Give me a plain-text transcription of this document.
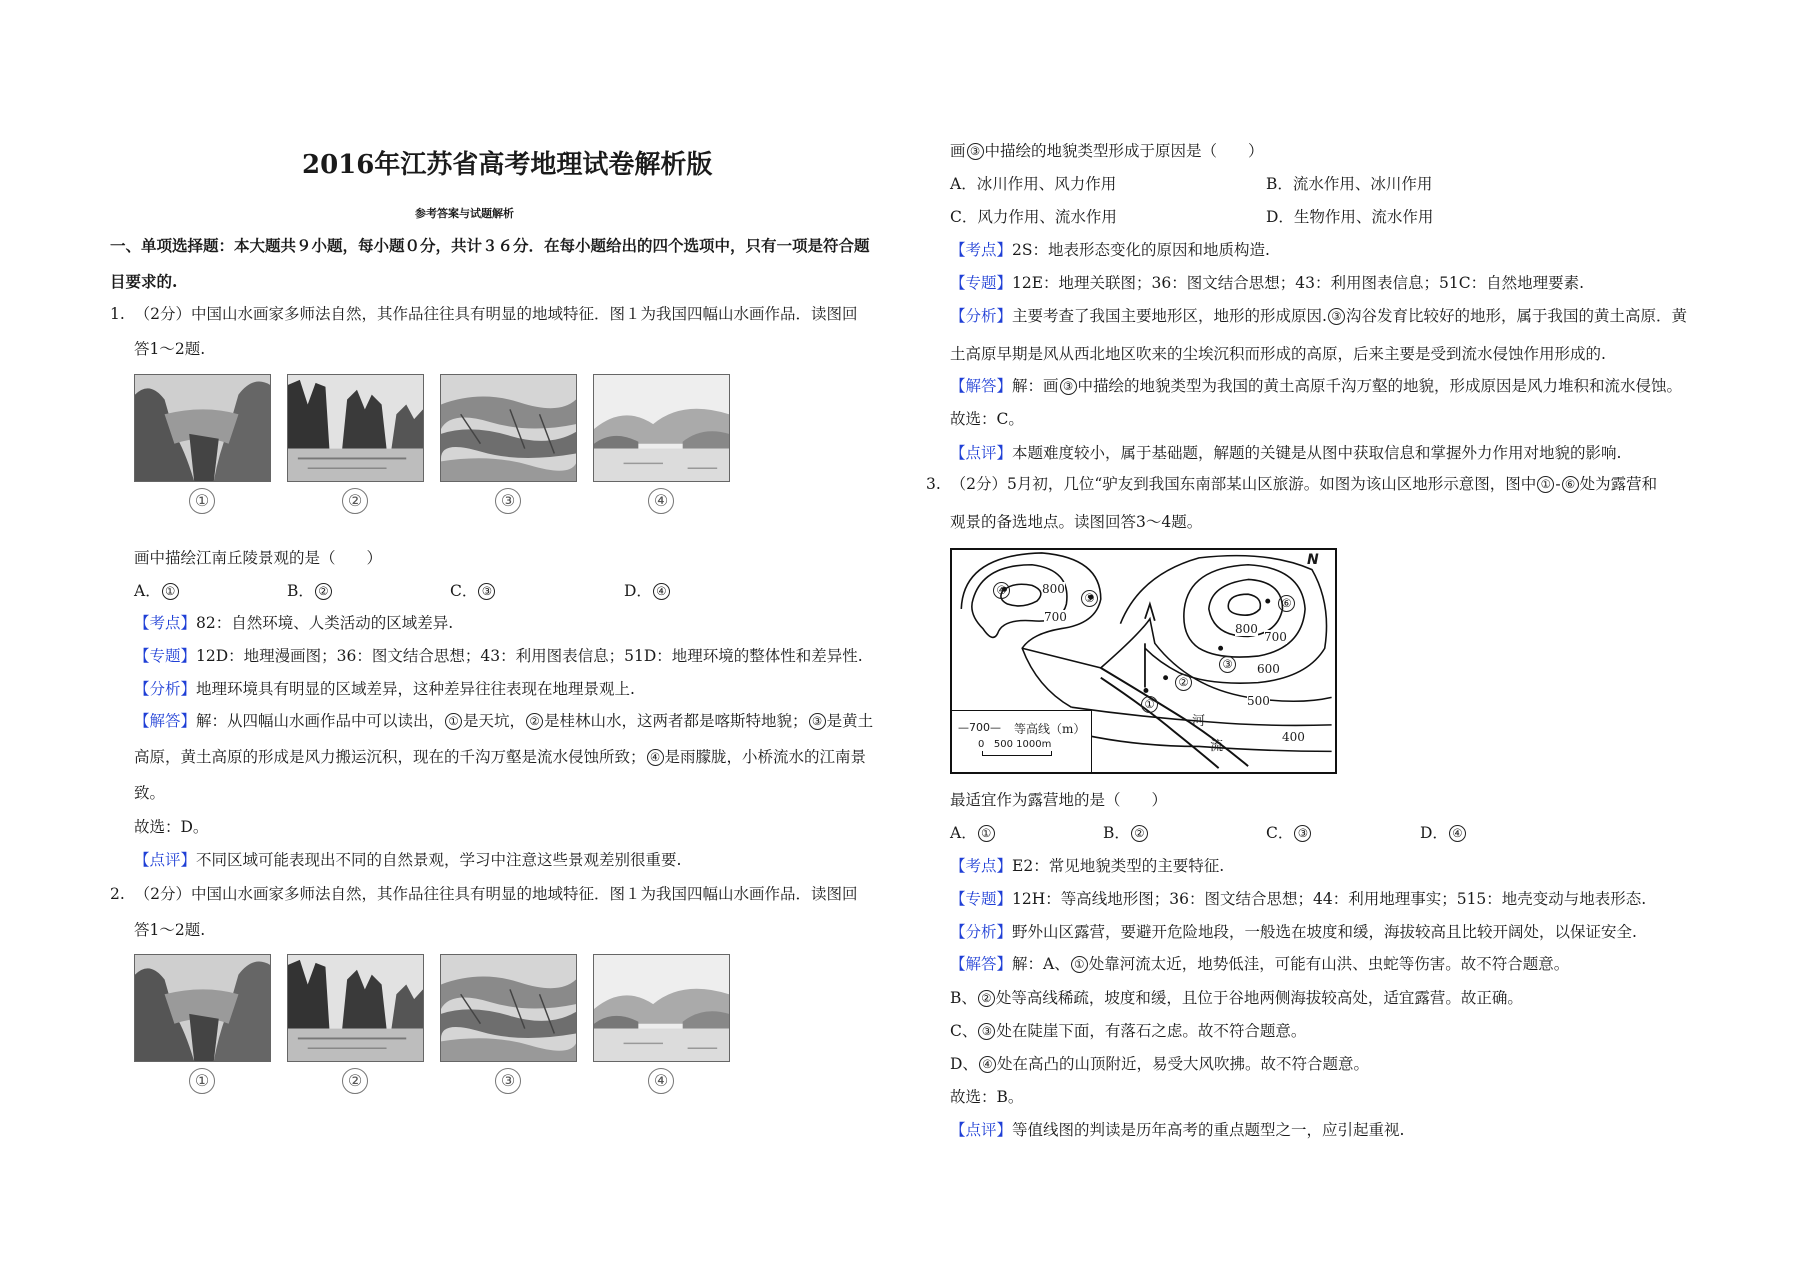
2016年江苏省高考地理试卷解析版
参考答案与试题解析
一、单项选择题：本大题共９小题，每小题０分，共计３６分．在每小题给出的四个选项中，只有一项是符合题
目要求的.
1. （2分）中国山水画家多师法自然，其作品往往具有明显的地域特征．图１为我国四幅山水画作品．读图回
答1～2题.
①	②	③	④
画中描绘江南丘陵景观的是（　　）
A． ①	B． ②	C． ③	D． ④
【考点】82：自然环境、人类活动的区域差异.
【专题】12D：地理漫画图；36：图文结合思想；43：利用图表信息；51D：地理环境的整体性和差异性.
【分析】地理环境具有明显的区域差异，这种差异往往表现在地理景观上.
【解答】解：从四幅山水画作品中可以读出， ① 是天坑， ② 是桂林山水，这两者都是喀斯特地貌； ③ 是黄土
高原，黄土高原的形成是风力搬运沉积，现在的千沟万壑是流水侵蚀所致； ④ 是雨朦胧，小桥流水的江南景
致。
故选：D。
【点评】不同区域可能表现出不同的自然景观，学习中注意这些景观差别很重要.
2. （2分）中国山水画家多师法自然，其作品往往具有明显的地域特征．图１为我国四幅山水画作品．读图回
答1～2题.
①	②	③	④
画 ③ 中描绘的地貌类型形成于原因是（　　）
A．冰川作用、风力作用	B．流水作用、冰川作用
C．风力作用、流水作用	D．生物作用、流水作用
【考点】2S：地表形态变化的原因和地质构造.
【专题】12E：地理关联图；36：图文结合思想；43：利用图表信息；51C：自然地理要素.
【分析】主要考查了我国主要地形区，地形的形成原因. ③ 沟谷发育比较好的地形，属于我国的黄土高原．黄
土高原早期是风从西北地区吹来的尘埃沉积而形成的高原，后来主要是受到流水侵蚀作用形成的.
【解答】解：画 ③ 中描绘的地貌类型为我国的黄土高原千沟万壑的地貌，形成原因是风力堆积和流水侵蚀。
故选：C。
【点评】本题难度较小，属于基础题，解题的关键是从图中获取信息和掌握外力作用对地貌的影响.
3. （2分）5月初，几位“驴友到我国东南部某山区旅游。如图为该山区地形示意图，图中 ① - ⑥ 处为露营和
观景的备选地点。读图回答3～4题。
④
⑤	⑥
③
②
①
N
800
700
800
700
600
500
400
河
流
—700— 等高线（m）
0   500 1000m
最适宜作为露营地的是（　　）
A． ①	B． ②	C． ③	D． ④
【考点】E2：常见地貌类型的主要特征.
【专题】12H：等高线地形图；36：图文结合思想；44：利用地理事实；515：地壳变动与地表形态.
【分析】野外山区露营，要避开危险地段，一般选在坡度和缓，海拔较高且比较开阔处，以保证安全.
【解答】解：A、 ① 处靠河流太近，地势低洼，可能有山洪、虫蛇等伤害。故不符合题意。
B、 ② 处等高线稀疏，坡度和缓，且位于谷地两侧海拔较高处，适宜露营。故正确。
C、 ③ 处在陡崖下面，有落石之虑。故不符合题意。
D、 ④ 处在高凸的山顶附近，易受大风吹拂。故不符合题意。
故选：B。
【点评】等值线图的判读是历年高考的重点题型之一，应引起重视.
